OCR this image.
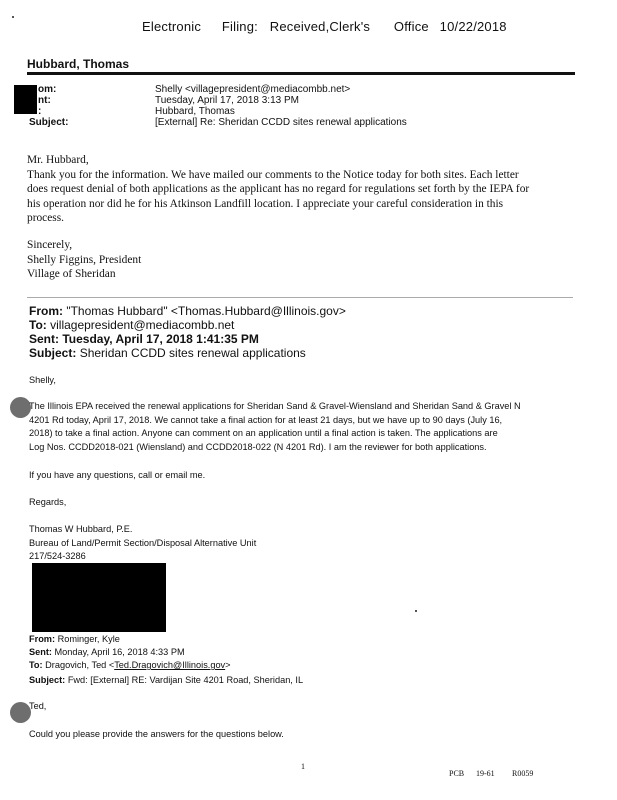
Electronic Filing: Received,Clerk's Office 10/22/2018
Hubbard, Thomas
om:
nt:
:
Subject:
Shelly <villagepresident@mediacombb.net>
Tuesday, April 17, 2018 3:13 PM
Hubbard, Thomas
[External] Re: Sheridan CCDD sites renewal applications

Mr. Hubbard,

Thank you for the information. We have mailed our comments to the Notice today for both sites. Each letter

does request denial of both applications as the applicant has no regard for regulations set forth by the IEPA for

his operation nor did he for his Atkinson Landfill location. I appreciate your careful consideration in this

process.

Sincerely,
Shelly Figgins, President
Village of Sheridan
From: "Thomas Hubbard" <Thomas.Hubbard@Illinois.gov>
To: villagepresident@mediacombb.net
Sent: Tuesday, April 17, 2018 1:41:35 PM
Subject: Sheridan CCDD sites renewal applications
Shelly,

The Illinois EPA received the renewal applications for Sheridan Sand & Gravel-Wiensland and Sheridan Sand & Gravel N

4201 Rd today, April 17, 2018. We cannot take a final action for at least 21 days, but we have up to 90 days (July 16,

2018) to take a final action. Anyone can comment on an application until a final action is taken. The applications are

Log Nos. CCDD2018-021 (Wiensland) and CCDD2018-022 (N 4201 Rd). I am the reviewer for both applications.

If you have any questions, call or email me.
Regards,
Thomas W Hubbard, P.E.
Bureau of Land/Permit Section/Disposal Alternative Unit
217/524-3286
From: Rominger, Kyle
Sent: Monday, April 16, 2018 4:33 PM
To: Dragovich, Ted <Ted.Dragovich@Illinois.gov>
Subject: Fwd: [External] RE: Vardijan Site 4201 Road, Sheridan, IL
Ted,
Could you please provide the answers for the questions below.
1
PCB 19-61 R0059
